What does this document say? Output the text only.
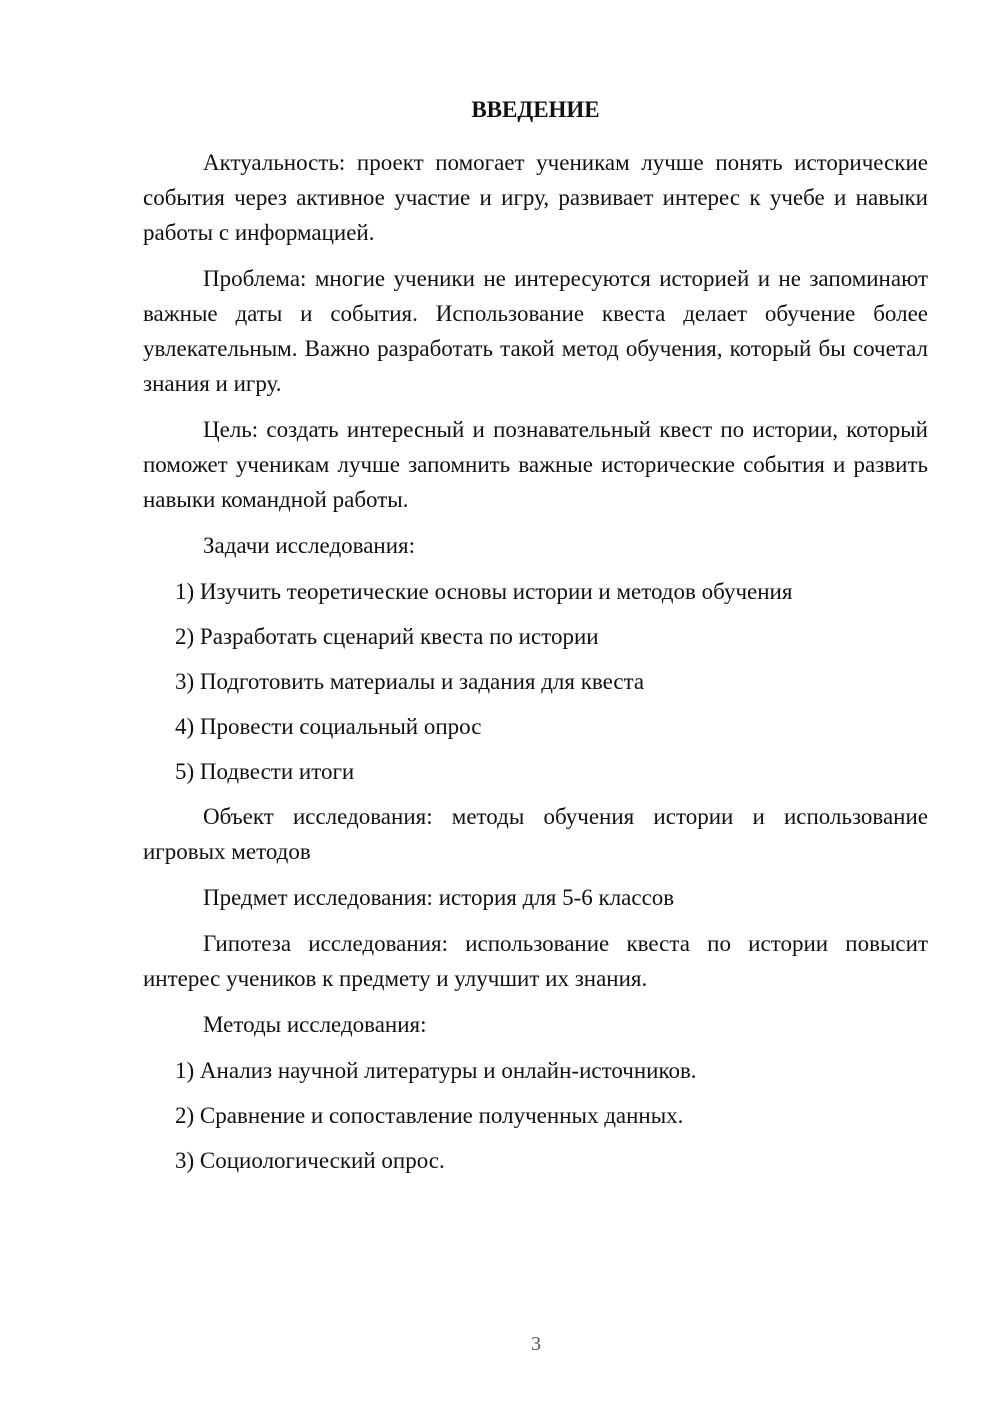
ВВЕДЕНИЕ

Актуальность: проект помогает ученикам лучше понять исторические события через активное участие и игру, развивает интерес к учебе и навыки работы с информацией.

Проблема: многие ученики не интересуются историей и не запоминают важные даты и события. Использование квеста делает обучение более увлекательным. Важно разработать такой метод обучения, который бы сочетал знания и игру.

Цель: создать интересный и познавательный квест по истории, который поможет ученикам лучше запомнить важные исторические события и развить навыки командной работы.

Задачи исследования:

1) Изучить теоретические основы истории и методов обучения
2) Разработать сценарий квеста по истории
3) Подготовить материалы и задания для квеста
4) Провести социальный опрос
5) Подвести итоги

Объект исследования: методы обучения истории и использование игровых методов

Предмет исследования: история для 5-6 классов

Гипотеза исследования: использование квеста по истории повысит интерес учеников к предмету и улучшит их знания.

Методы исследования:

1) Анализ научной литературы и онлайн-источников.
2) Сравнение и сопоставление полученных данных.
3) Социологический опрос.
3
